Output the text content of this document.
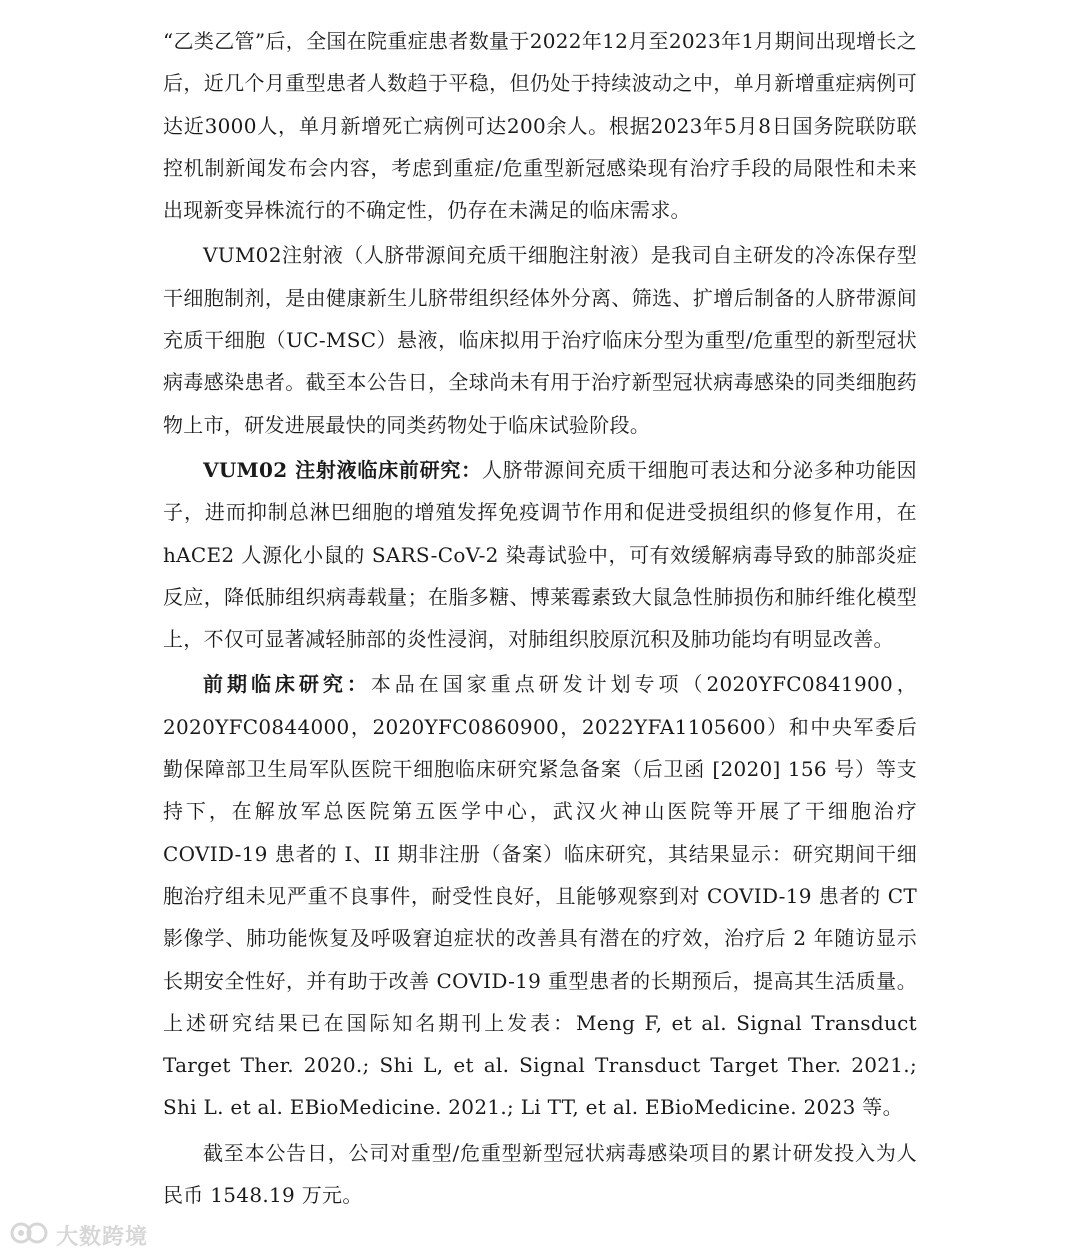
“乙类乙管”后，全国在院重症患者数量于2022年12月至2023年1月期间出现增长之后，近几个月重型患者人数趋于平稳，但仍处于持续波动之中，单月新增重症病例可达近3000人，单月新增死亡病例可达200余人。根据2023年5月8日国务院联防联控机制新闻发布会内容，考虑到重症/危重型新冠感染现有治疗手段的局限性和未来出现新变异株流行的不确定性，仍存在未满足的临床需求。

VUM02注射液（人脐带源间充质干细胞注射液）是我司自主研发的冷冻保存型干细胞制剂，是由健康新生儿脐带组织经体外分离、筛选、扩增后制备的人脐带源间充质干细胞（UC-MSC）悬液，临床拟用于治疗临床分型为重型/危重型的新型冠状病毒感染患者。截至本公告日，全球尚未有用于治疗新型冠状病毒感染的同类细胞药物上市，研发进展最快的同类药物处于临床试验阶段。

VUM02 注射液临床前研究：人脐带源间充质干细胞可表达和分泌多种功能因子，进而抑制总淋巴细胞的增殖发挥免疫调节作用和促进受损组织的修复作用，在 hACE2 人源化小鼠的 SARS-CoV-2 染毒试验中，可有效缓解病毒导致的肺部炎症反应，降低肺组织病毒载量；在脂多糖、博莱霉素致大鼠急性肺损伤和肺纤维化模型上，不仅可显著减轻肺部的炎性浸润，对肺组织胶原沉积及肺功能均有明显改善。

前期临床研究：本品在国家重点研发计划专项（2020YFC0841900，2020YFC0844000，2020YFC0860900，2022YFA1105600）和中央军委后勤保障部卫生局军队医院干细胞临床研究紧急备案（后卫函 [2020] 156 号）等支持下，在解放军总医院第五医学中心，武汉火神山医院等开展了干细胞治疗 COVID-19 患者的 I、II 期非注册（备案）临床研究，其结果显示：研究期间干细胞治疗组未见严重不良事件，耐受性良好，且能够观察到对 COVID-19 患者的 CT 影像学、肺功能恢复及呼吸窘迫症状的改善具有潜在的疗效，治疗后 2 年随访显示长期安全性好，并有助于改善 COVID-19 重型患者的长期预后，提高其生活质量。上述研究结果已在国际知名期刊上发表：Meng F, et al. Signal Transduct Target Ther. 2020.; Shi L, et al. Signal Transduct Target Ther. 2021.; Shi L. et al. EBioMedicine. 2021.; Li TT, et al. EBioMedicine. 2023 等。

截至本公告日，公司对重型/危重型新型冠状病毒感染项目的累计研发投入为人民币 1548.19 万元。

大数跨境
